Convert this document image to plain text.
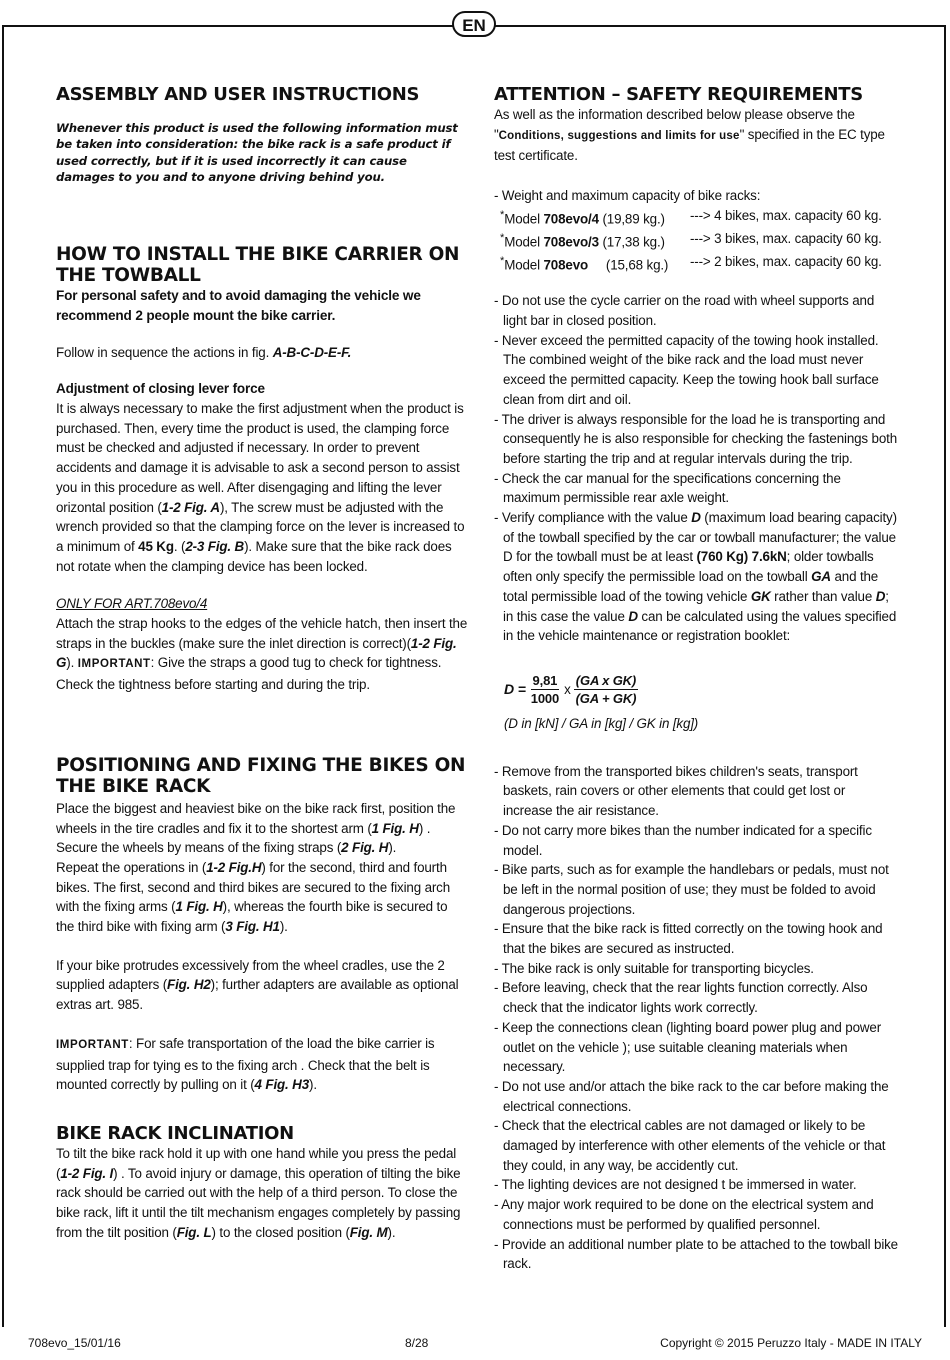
EN
ASSEMBLY AND USER INSTRUCTIONS

Whenever this product is used the following information must be taken into consideration: the bike rack is a safe product if used correctly, but if it is used incorrectly it can cause damages to you and to anyone driving behind you.

HOW TO INSTALL THE BIKE CARRIER ON THE TOWBALL

For personal safety and to avoid damaging the vehicle we recommend 2 people mount the bike carrier.

Follow in sequence the actions in fig. A-B-C-D-E-F.

Adjustment of closing lever force

It is always necessary to make the first adjustment when the product is purchased. Then, every time the product is used, the clamping force must be checked and adjusted if necessary. In order to prevent accidents and damage it is advisable to ask a second person to assist you in this procedure as well. After disengaging and lifting the lever orizontal position (1-2 Fig. A), The screw must be adjusted with the wrench provided so that the clamping force on the lever is increased to a minimum of 45 Kg. (2-3 Fig. B). Make sure that the bike rack does not rotate when the clamping device has been locked.

ONLY FOR ART.708evo/4

Attach the strap hooks to the edges of the vehicle hatch, then insert the straps in the buckles (make sure the inlet direction is correct)(1-2 Fig. G). IMPORTANT: Give the straps a good tug to check for tightness. Check the tightness before starting and during the trip.

POSITIONING AND FIXING THE BIKES ON THE BIKE RACK

Place the biggest and heaviest bike on the bike rack first, position the wheels in the tire cradles and fix it to the shortest arm (1 Fig. H) . Secure the wheels by means of the fixing straps (2 Fig. H).
Repeat the operations in (1-2 Fig.H) for the second, third and fourth bikes. The first, second and third bikes are secured to the fixing arch with the fixing arms (1 Fig. H), whereas the fourth bike is secured to the third bike with fixing arm (3 Fig. H1).

If your bike protrudes excessively from the wheel cradles, use the 2 supplied adapters (Fig. H2); further adapters are available as optional extras art. 985.

IMPORTANT: For safe transportation of the load the bike carrier is supplied trap for tying es to the fixing arch . Check that the belt is mounted correctly by pulling on it (4 Fig. H3).

BIKE RACK INCLINATION

To tilt the bike rack hold it up with one hand while you press the pedal (1-2 Fig. I) . To avoid injury or damage, this operation of tilting the bike rack should be carried out with the help of a third person. To close the bike rack, lift it until the tilt mechanism engages completely by passing from the tilt position (Fig. L) to the closed position (Fig. M).

ATTENTION – SAFETY REQUIREMENTS

As well as the information described below please observe the "Conditions, suggestions and limits for use" specified in the EC type test certificate.

- Weight and maximum capacity of bike racks:

*Model 708evo/4 (19,89 kg.)	---> 4 bikes, max. capacity 60 kg.
*Model 708evo/3 (17,38 kg.)	---> 3 bikes, max. capacity 60 kg.
*Model 708evo     (15,68 kg.)	---> 2 bikes, max. capacity 60 kg.

- Do not use the cycle carrier on the road with wheel supports and light bar in closed position.

- Never exceed the permitted capacity of the towing hook installed. The combined weight of the bike rack and the load must never exceed the permitted capacity. Keep the towing hook ball surface clean from dirt and oil.

- The driver is always responsible for the load he is transporting and consequently he is also responsible for checking the fastenings both before starting the trip and at regular intervals during the trip.

- Check the car manual for the specifications concerning the maximum permissible rear axle weight.

- Verify compliance with the value D (maximum load bearing capacity) of the towball specified by the car or towball manufacturer; the value D for the towball must be at least (760 Kg) 7.6kN; older towballs often only specify the permissible load on the towball GA and the total permissible load of the towing vehicle GK rather than value D; in this case the value D can be calculated using the values specified in the vehicle maintenance or registration booklet:

$D = \frac{9,81}{1000}$ x $\frac{\text{(GA x GK)}}{(GA + GK)}$

(D in [kN] / GA in [kg] / GK in [kg])

- Remove from the transported bikes children's seats, transport baskets, rain covers or other elements that could get lost or increase the air resistance.

- Do not carry more bikes than the number indicated for a specific model.

- Bike parts, such as for example the handlebars or pedals, must not be left in the normal position of use; they must be folded to avoid dangerous projections.

- Ensure that the bike rack is fitted correctly on the towing hook and that the bikes are secured as instructed.

- The bike rack is only suitable for transporting bicycles.

- Before leaving, check that the rear lights function correctly. Also check that the indicator lights work correctly.

- Keep the connections clean (lighting board power plug and power outlet on the vehicle ); use suitable cleaning materials when necessary.

- Do not use and/or attach the bike rack to the car before making the electrical connections.

- Check that the electrical cables are not damaged or likely to be damaged by interference with other elements of the vehicle or that they could, in any way, be accidently cut.

- The lighting devices are not designed t be immersed in water.

- Any major work required to be done on the electrical system and connections must be performed by qualified personnel.

- Provide an additional number plate to be attached to the towball bike rack.

708evo_15/01/16	8/28	Copyright © 2015 Peruzzo Italy - MADE IN ITALY
